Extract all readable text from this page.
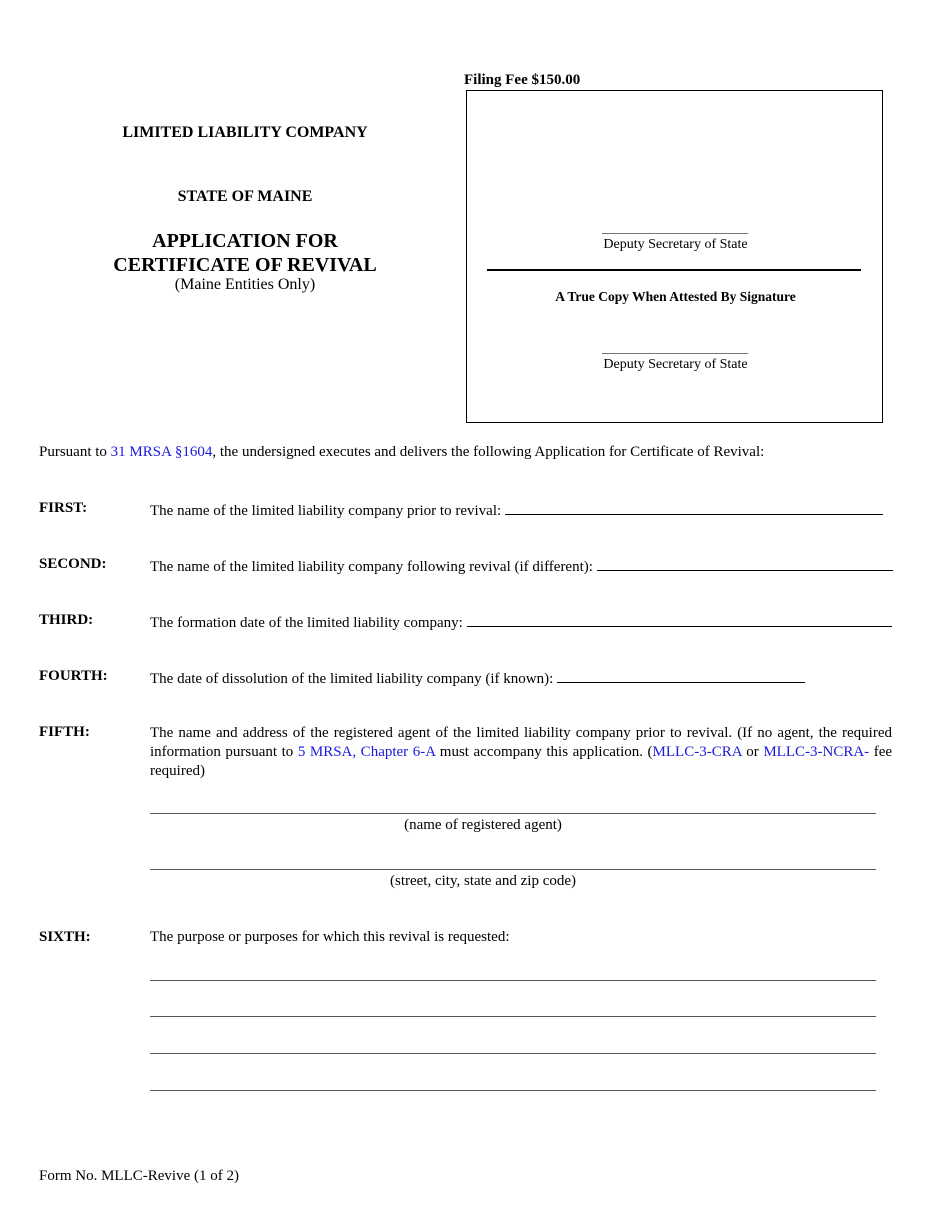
LIMITED LIABILITY COMPANY
STATE OF MAINE
APPLICATION FOR
CERTIFICATE OF REVIVAL
(Maine Entities Only)
Filing Fee $150.00
Deputy Secretary of State
A True Copy When Attested By Signature
Deputy Secretary of State
Pursuant to 31 MRSA §1604, the undersigned executes and delivers the following Application for Certificate of Revival:
FIRST:	The name of the limited liability company prior to revival:
SECOND:	The name of the limited liability company following revival (if different):
THIRD:	The formation date of the limited liability company:
FOURTH:	The date of dissolution of the limited liability company (if known):
FIFTH:	The name and address of the registered agent of the limited liability company prior to revival. (If no agent, the required information pursuant to 5 MRSA, Chapter 6-A must accompany this application. (MLLC-3-CRA or MLLC-3-NCRA- fee required)
(name of registered agent)
(street, city, state and zip code)
SIXTH:	The purpose or purposes for which this revival is requested:
Form No. MLLC-Revive (1 of 2)
